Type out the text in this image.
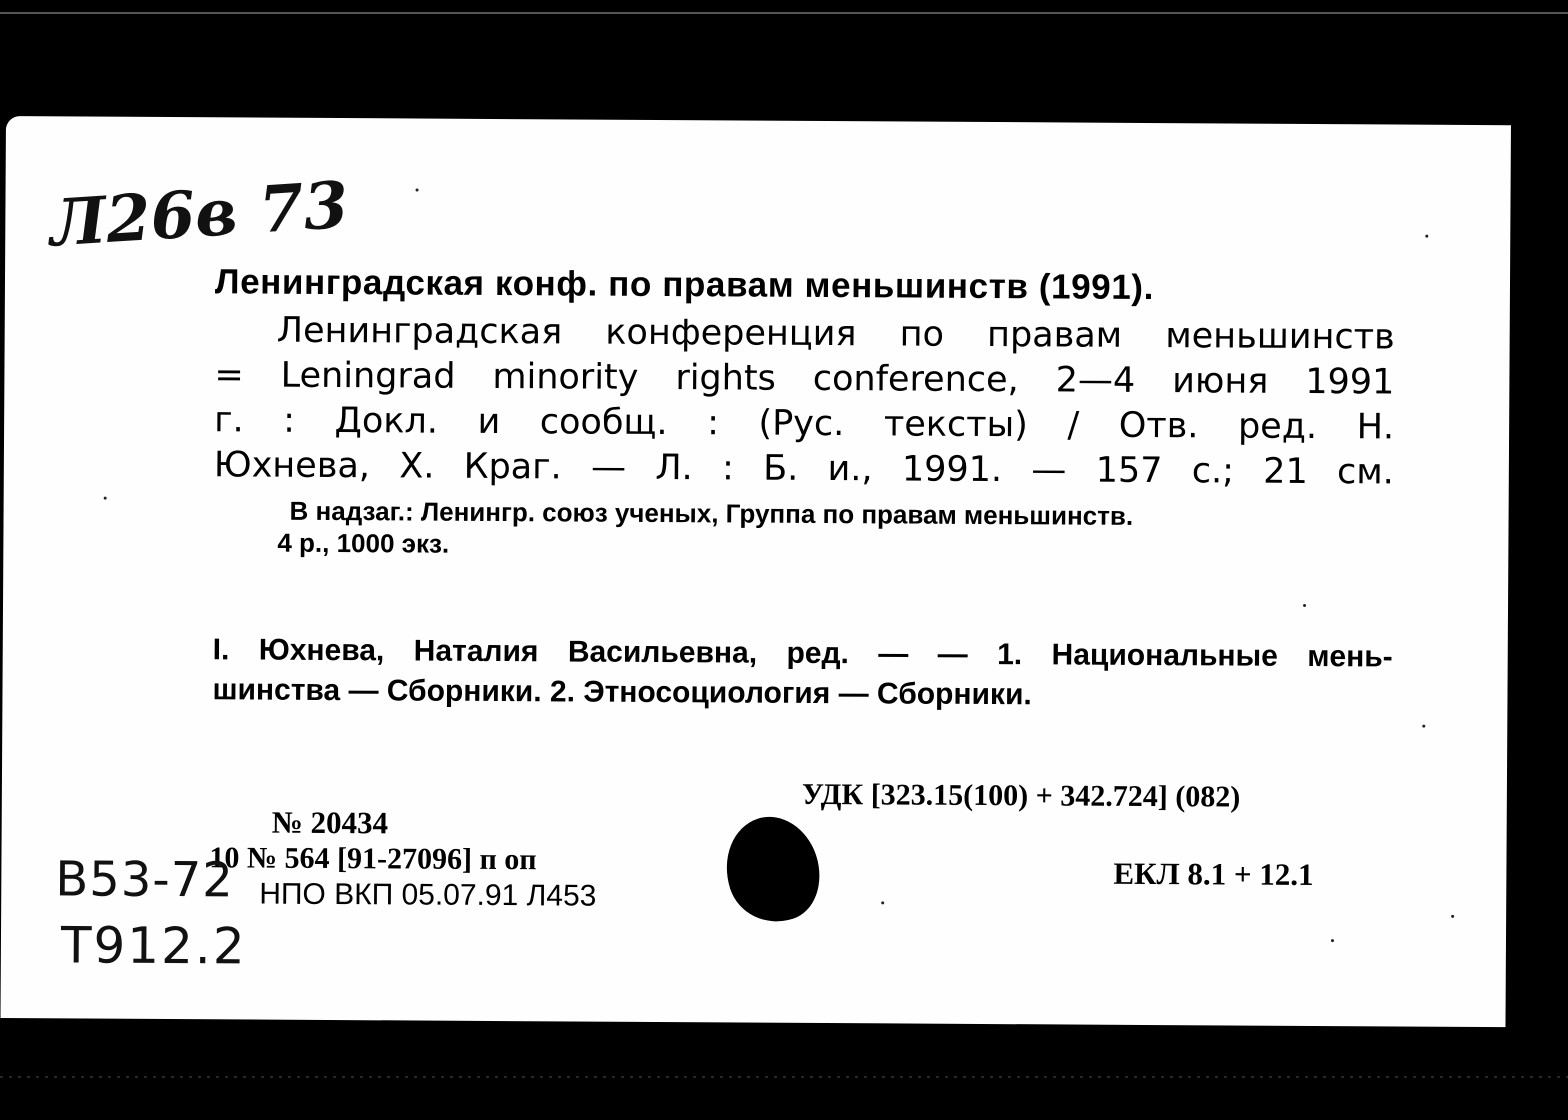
Л26в 73
Ленинградская конф. по правам меньшинств (1991).
Ленинградская конференция по правам меньшинств
= Leningrad minority rights conference, 2—4 июня 1991
г. : Докл. и сообщ. : (Рус. тексты) / Отв. ред. Н.
Юхнева, Х. Краг. — Л. : Б. и., 1991. — 157 с.; 21 см.
В надзаг.: Ленингр. союз ученых, Группа по правам меньшинств.
4 р., 1000 экз.
I. Юхнева, Наталия Васильевна, ред. — — 1. Национальные мень-
шинства — Сборники. 2. Этносоциология — Сборники.
УДК [323.15(100) + 342.724] (082)
ЕКЛ 8.1 + 12.1
№ 20434
10 № 564 [91-27096] п оп
НПО ВКП 05.07.91 Л453
В53-72
Т912.2
